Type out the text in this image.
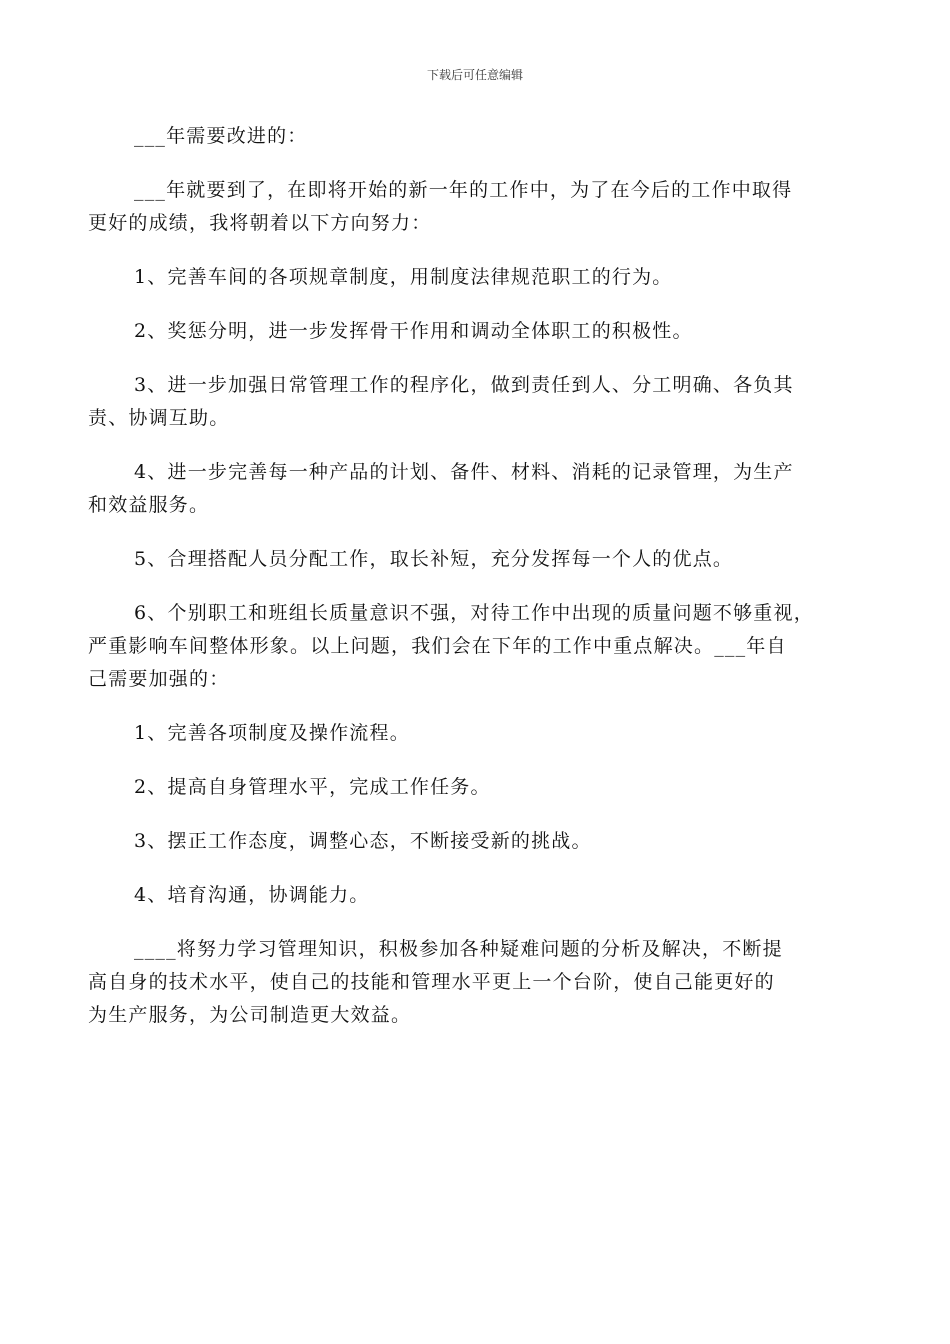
下载后可任意编辑

___年需要改进的：

___年就要到了，在即将开始的新一年的工作中，为了在今后的工作中取得
更好的成绩，我将朝着以下方向努力：

1、完善车间的各项规章制度，用制度法律规范职工的行为。

2、奖惩分明，进一步发挥骨干作用和调动全体职工的积极性。

3、进一步加强日常管理工作的程序化，做到责任到人、分工明确、各负其
责、协调互助。

4、进一步完善每一种产品的计划、备件、材料、消耗的记录管理，为生产
和效益服务。

5、合理搭配人员分配工作，取长补短，充分发挥每一个人的优点。

6、个别职工和班组长质量意识不强，对待工作中出现的质量问题不够重视，
严重影响车间整体形象。以上问题，我们会在下年的工作中重点解决。___年自
己需要加强的：

1、完善各项制度及操作流程。

2、提高自身管理水平，完成工作任务。

3、摆正工作态度，调整心态，不断接受新的挑战。

4、培育沟通，协调能力。

____将努力学习管理知识，积极参加各种疑难问题的分析及解决，不断提
高自身的技术水平，使自己的技能和管理水平更上一个台阶，使自己能更好的
为生产服务，为公司制造更大效益。
